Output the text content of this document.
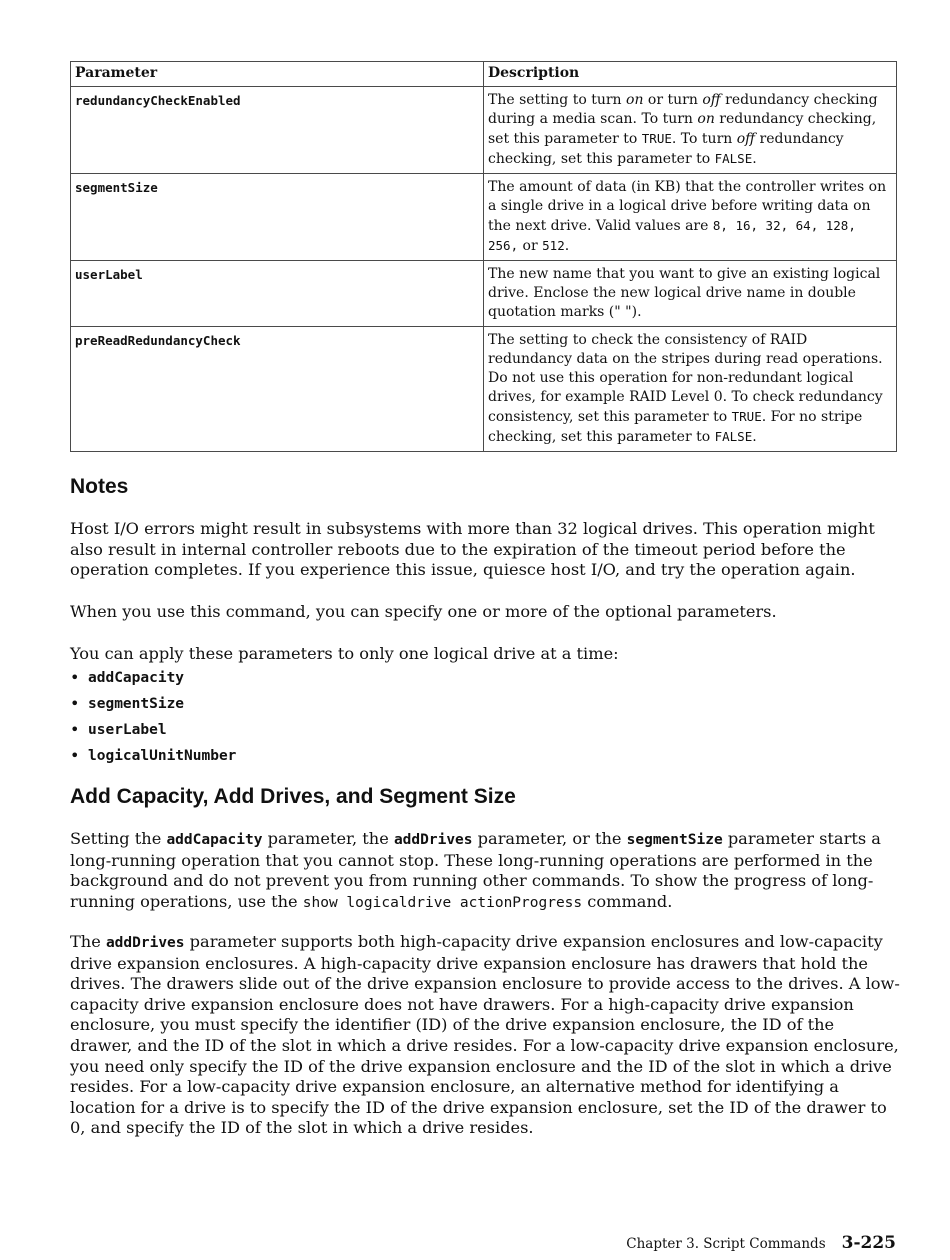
Parameter	Description
redundancyCheckEnabled	The setting to turn on or turn off redundancy checking during a media scan. To turn on redundancy checking, set this parameter to TRUE. To turn off redundancy checking, set this parameter to FALSE.
segmentSize	The amount of data (in KB) that the controller writes on a single drive in a logical drive before writing data on the next drive. Valid values are 8, 16, 32, 64, 128, 256, or 512.
userLabel	The new name that you want to give an existing logical drive. Enclose the new logical drive name in double quotation marks (" ").
preReadRedundancyCheck	The setting to check the consistency of RAID redundancy data on the stripes during read operations. Do not use this operation for non-redundant logical drives, for example RAID Level 0. To check redundancy consistency, set this parameter to TRUE. For no stripe checking, set this parameter to FALSE.
Notes

Host I/O errors might result in subsystems with more than 32 logical drives. This operation might also result in internal controller reboots due to the expiration of the timeout period before the operation completes. If you experience this issue, quiesce host I/O, and try the operation again.

When you use this command, you can specify one or more of the optional parameters.

You can apply these parameters to only one logical drive at a time:

• addCapacity
• segmentSize
• userLabel
• logicalUnitNumber
Add Capacity, Add Drives, and Segment Size

Setting the addCapacity parameter, the addDrives parameter, or the segmentSize parameter starts a long-running operation that you cannot stop. These long-running operations are performed in the background and do not prevent you from running other commands. To show the progress of long-running operations, use the show logicaldrive actionProgress command.

The addDrives parameter supports both high-capacity drive expansion enclosures and low-capacity drive expansion enclosures. A high-capacity drive expansion enclosure has drawers that hold the drives. The drawers slide out of the drive expansion enclosure to provide access to the drives. A low-capacity drive expansion enclosure does not have drawers. For a high-capacity drive expansion enclosure, you must specify the identifier (ID) of the drive expansion enclosure, the ID of the drawer, and the ID of the slot in which a drive resides. For a low-capacity drive expansion enclosure, you need only specify the ID of the drive expansion enclosure and the ID of the slot in which a drive resides. For a low-capacity drive expansion enclosure, an alternative method for identifying a location for a drive is to specify the ID of the drive expansion enclosure, set the ID of the drawer to 0, and specify the ID of the slot in which a drive resides.

Chapter 3. Script Commands 3-225
